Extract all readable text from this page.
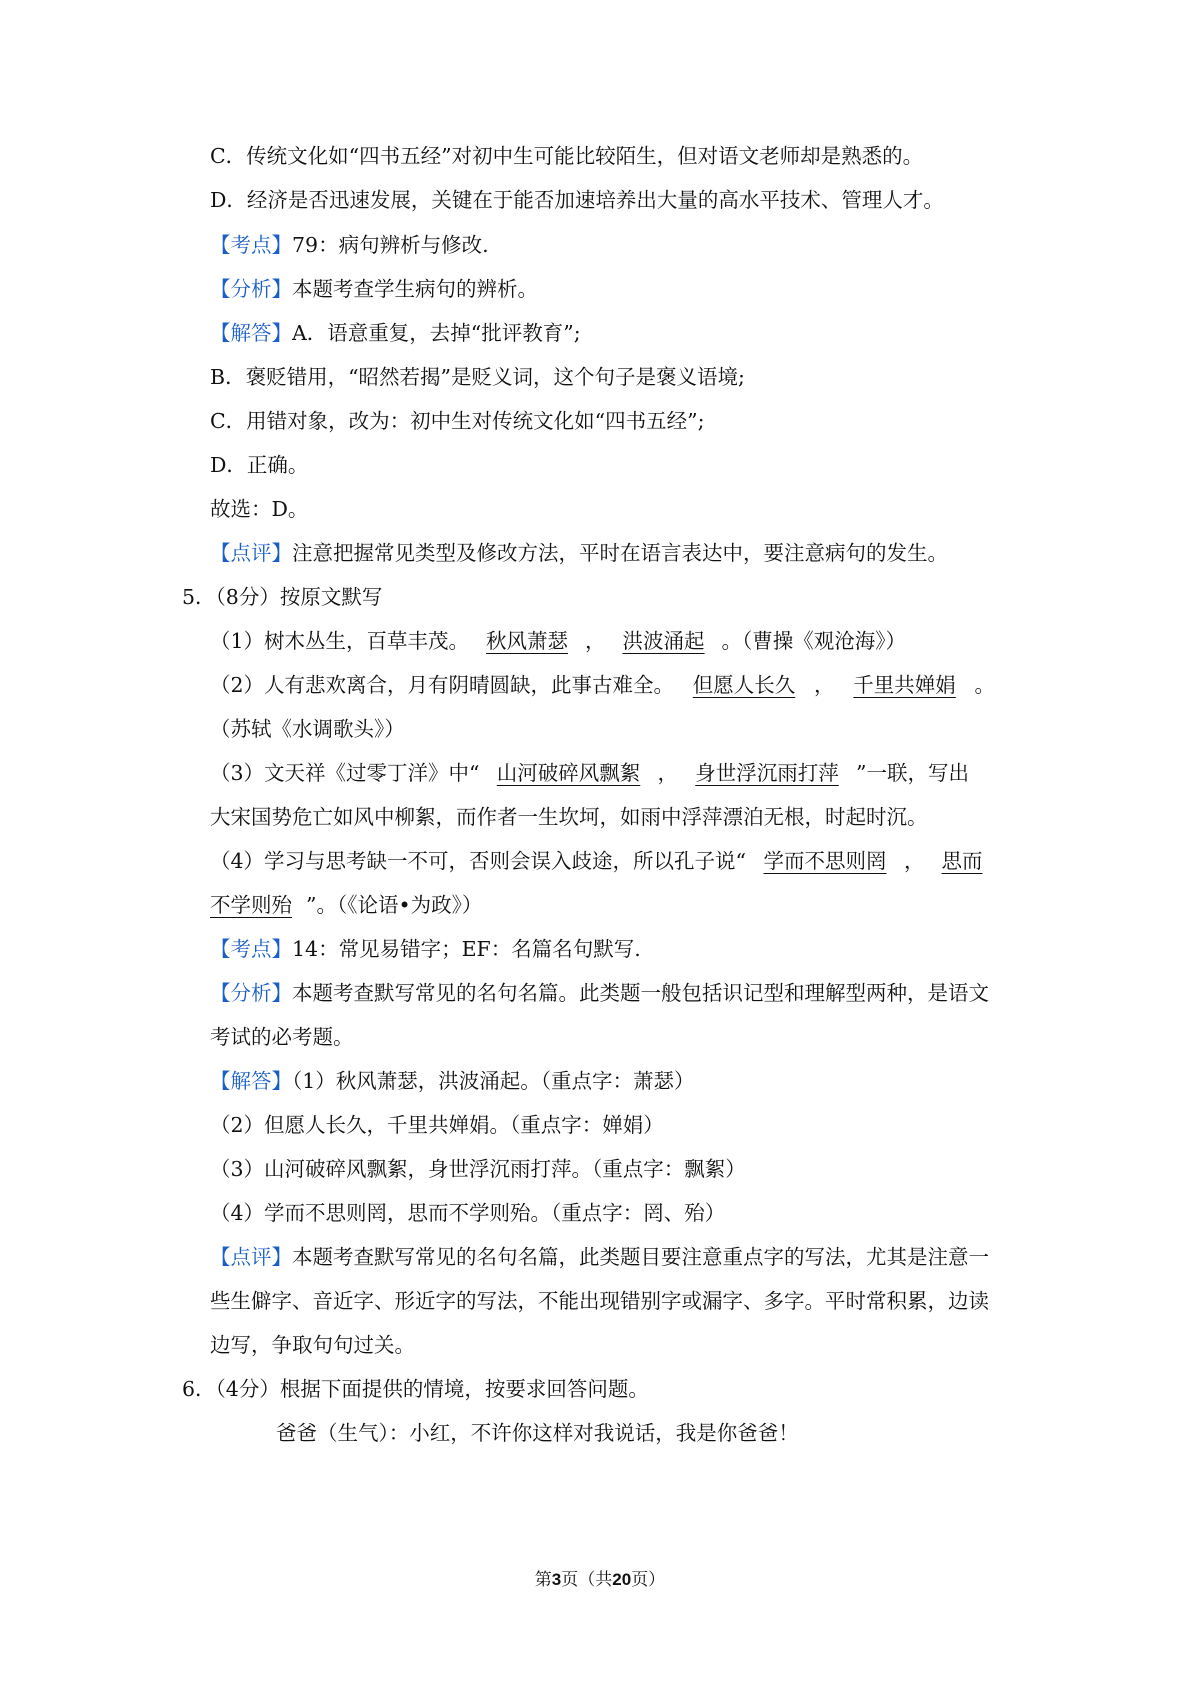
C．传统文化如“四书五经”对初中生可能比较陌生，但对语文老师却是熟悉的。
D．经济是否迅速发展，关键在于能否加速培养出大量的高水平技术、管理人才。
【考点】79：病句辨析与修改.
【分析】本题考查学生病句的辨析。
【解答】A．语意重复，去掉“批评教育”;
B．褒贬错用，“昭然若揭”是贬义词，这个句子是褒义语境;
C．用错对象，改为：初中生对传统文化如“四书五经”;
D．正确。
故选：D。
【点评】注意把握常见类型及修改方法，平时在语言表达中，要注意病句的发生。
5．（8分）按原文默写
（1）树木丛生，百草丰茂。 秋风萧瑟 ， 洪波涌起 。（曹操《观沧海》）
（2）人有悲欢离合，月有阴晴圆缺，此事古难全。 但愿人长久 ， 千里共婵娟 。
（苏轼《水调歌头》）
（3）文天祥《过零丁洋》中“ 山河破碎风飘絮 ， 身世浮沉雨打萍 ”一联，写出
大宋国势危亡如风中柳絮，而作者一生坎坷，如雨中浮萍漂泊无根，时起时沉。
（4）学习与思考缺一不可，否则会误入歧途，所以孔子说“ 学而不思则罔 ， 思而
不学则殆 ”。（《论语•为政》）
【考点】14：常见易错字；EF：名篇名句默写.
【分析】本题考查默写常见的名句名篇。此类题一般包括识记型和理解型两种，是语文
考试的必考题。
【解答】（1）秋风萧瑟，洪波涌起。（重点字：萧瑟）
（2）但愿人长久，千里共婵娟。（重点字：婵娟）
（3）山河破碎风飘絮，身世浮沉雨打萍。（重点字：飘絮）
（4）学而不思则罔，思而不学则殆。（重点字：罔、殆）
【点评】本题考查默写常见的名句名篇，此类题目要注意重点字的写法，尤其是注意一
些生僻字、音近字、形近字的写法，不能出现错别字或漏字、多字。平时常积累，边读
边写，争取句句过关。
6．（4分）根据下面提供的情境，按要求回答问题。
爸爸（生气）：小红，不许你这样对我说话，我是你爸爸！
第3页（共20页）
